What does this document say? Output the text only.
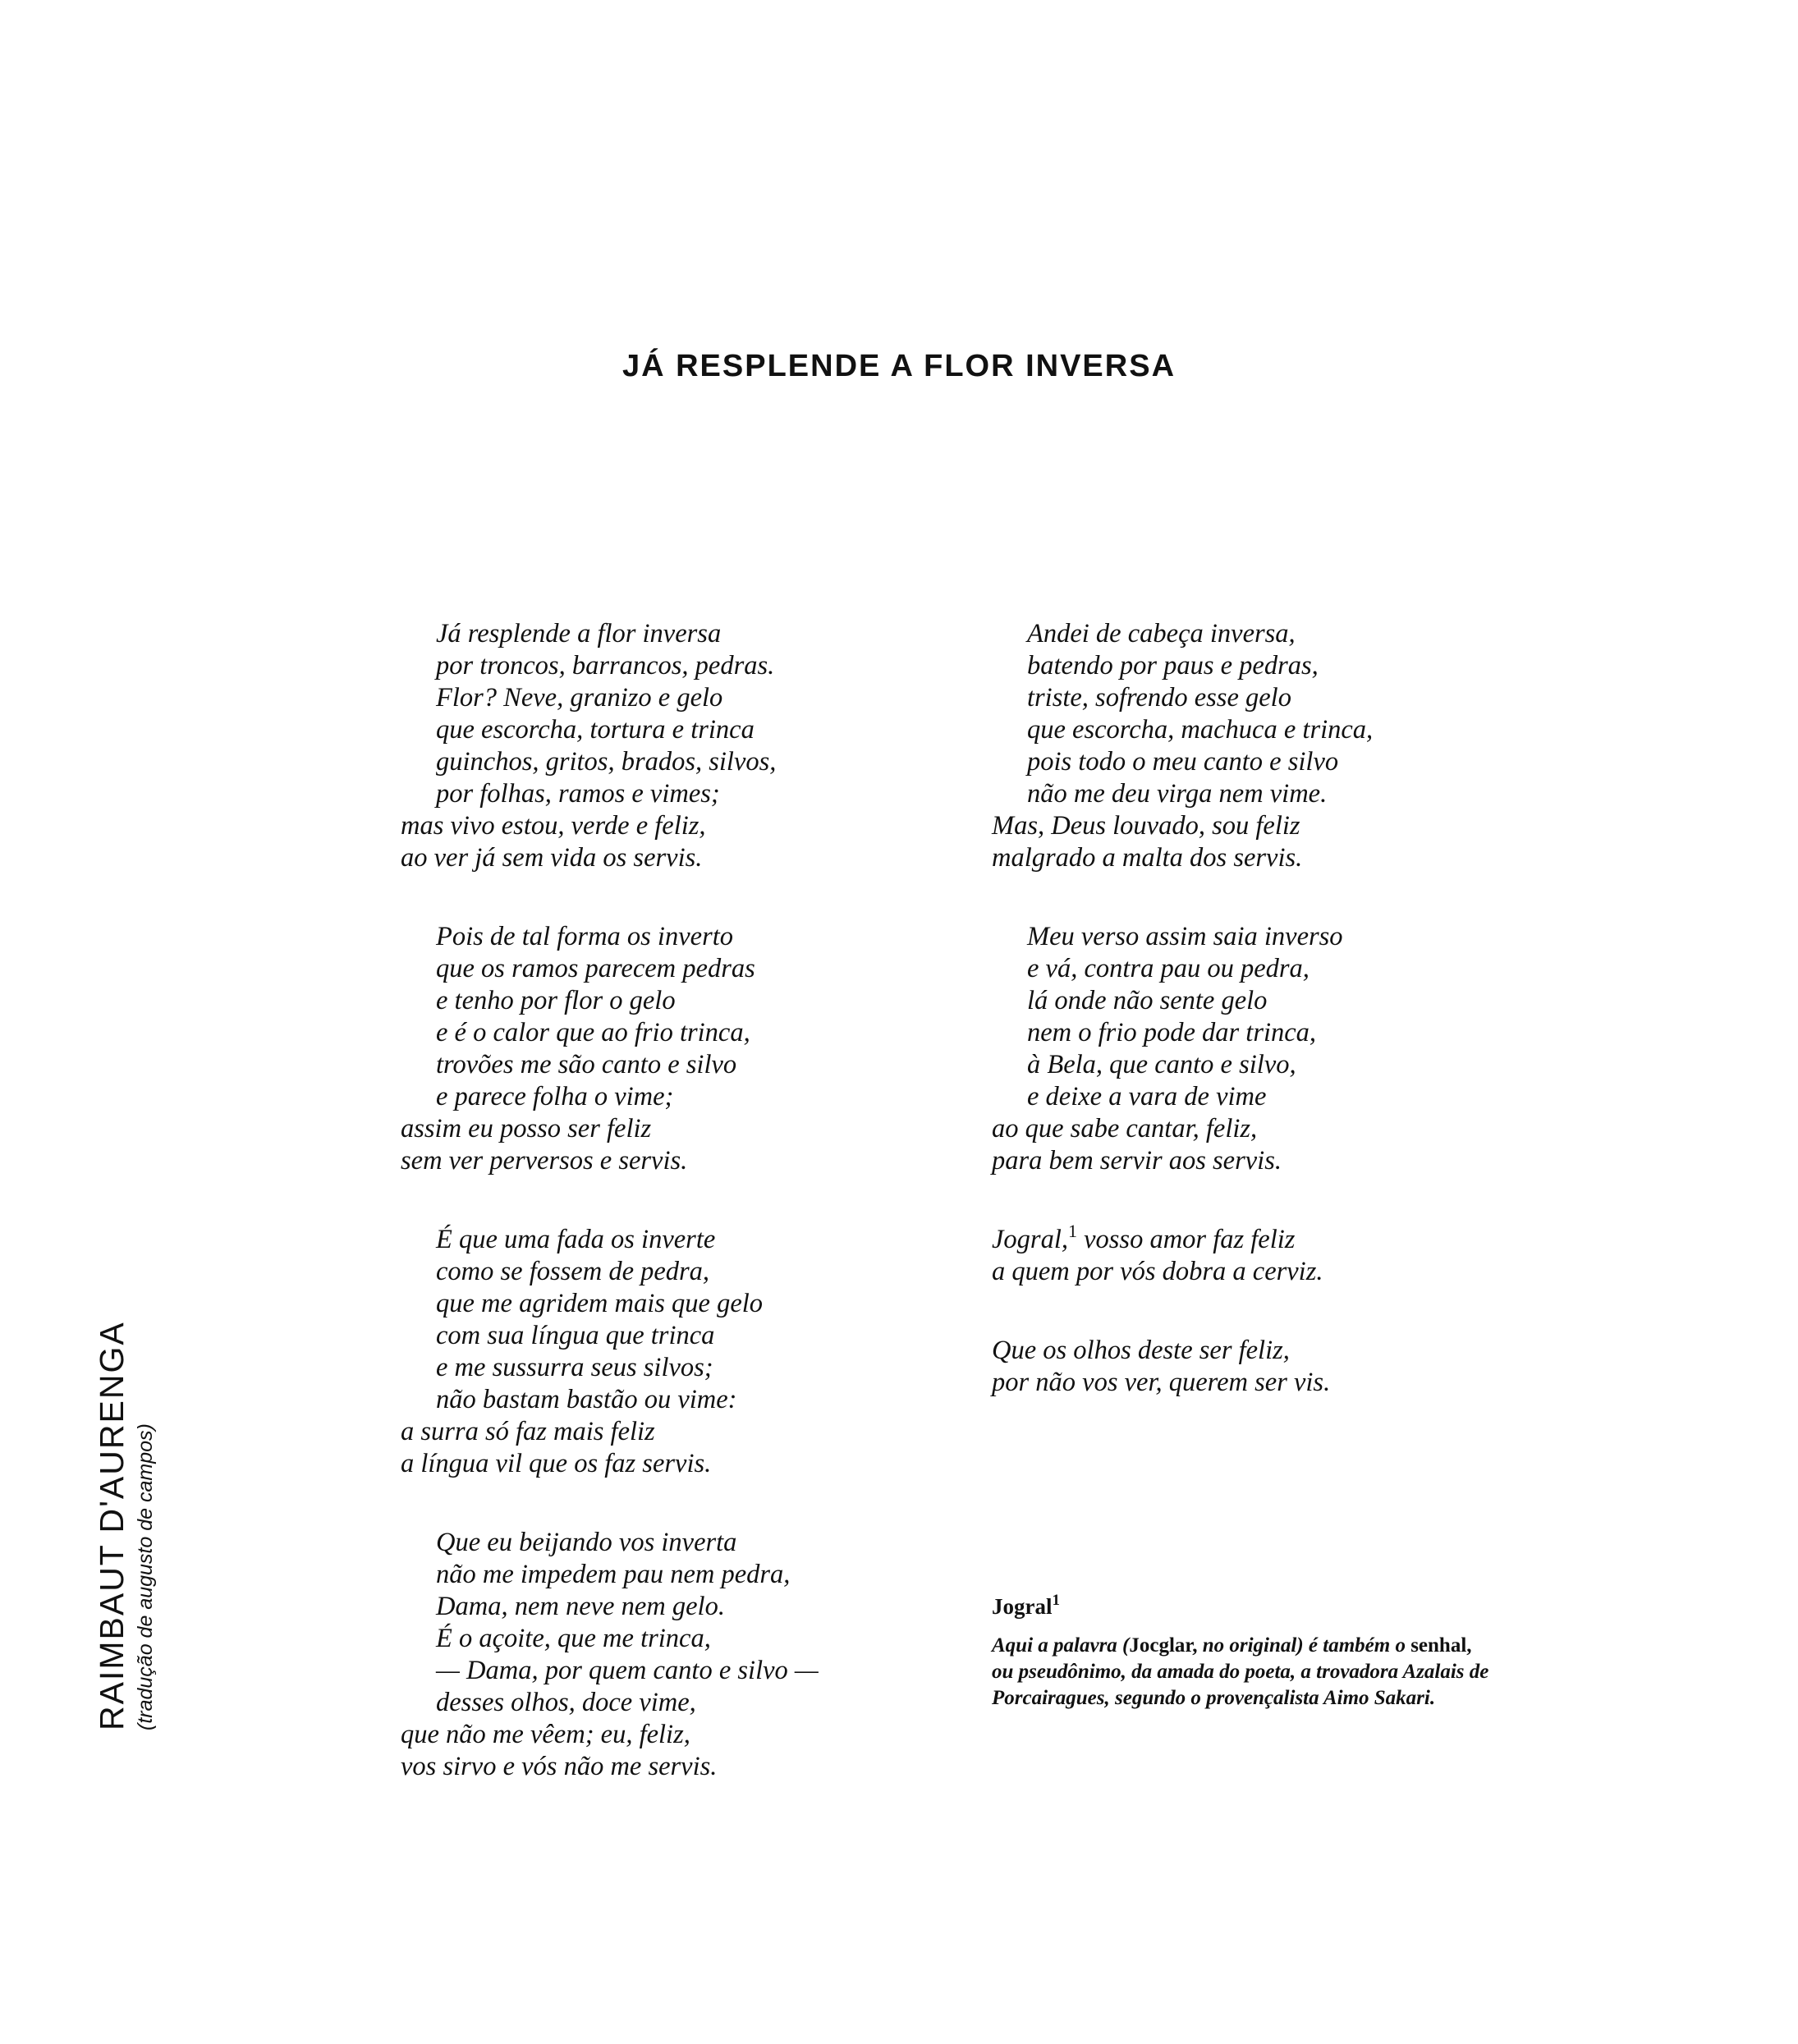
JÁ RESPLENDE A FLOR INVERSA
Já resplende a flor inversa
por troncos, barrancos, pedras.
Flor? Neve, granizo e gelo
que escorcha, tortura e trinca
guinchos, gritos, brados, silvos,
por folhas, ramos e vimes;
mas vivo estou, verde e feliz,
ao ver já sem vida os servis.
Pois de tal forma os inverto
que os ramos parecem pedras
e tenho por flor o gelo
e é o calor que ao frio trinca,
trovões me são canto e silvo
e parece folha o vime;
assim eu posso ser feliz
sem ver perversos e servis.
É que uma fada os inverte
como se fossem de pedra,
que me agridem mais que gelo
com sua língua que trinca
e me sussurra seus silvos;
não bastam bastão ou vime:
a surra só faz mais feliz
a língua vil que os faz servis.
Que eu beijando vos inverta
não me impedem pau nem pedra,
Dama, nem neve nem gelo.
É o açoite, que me trinca,
— Dama, por quem canto e silvo —
desses olhos, doce vime,
que não me vêem; eu, feliz,
vos sirvo e vós não me servis.
Andei de cabeça inversa,
batendo por paus e pedras,
triste, sofrendo esse gelo
que escorcha, machuca e trinca,
pois todo o meu canto e silvo
não me deu virga nem vime.
Mas, Deus louvado, sou feliz
malgrado a malta dos servis.
Meu verso assim saia inverso
e vá, contra pau ou pedra,
lá onde não sente gelo
nem o frio pode dar trinca,
à Bela, que canto e silvo,
e deixe a vara de vime
ao que sabe cantar, feliz,
para bem servir aos servis.
Jogral,$^1$ vosso amor faz feliz
a quem por vós dobra a cerviz.
Que os olhos deste ser feliz,
por não vos ver, querem ser vis.

Jogral$^1$

Aqui a palavra (Jocglar, no original) é também o senhal,
ou pseudônimo, da amada do poeta, a trovadora Azalais de
Porcairagues, segundo o provençalista Aimo Sakari.

RAIMBAUT D'AURENGA (tradução de augusto de campos)
